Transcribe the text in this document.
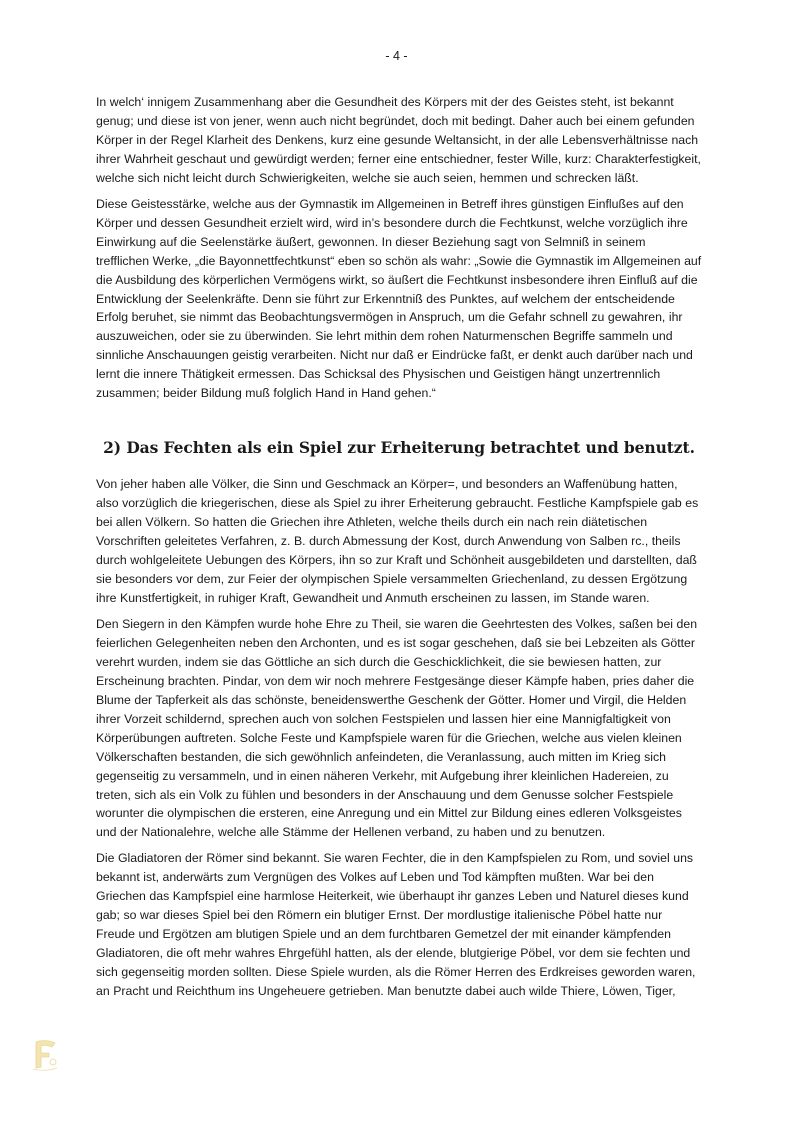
- 4 -

In welch‘ innigem Zusammenhang aber die Gesundheit des Körpers mit der des Geistes steht, ist bekannt genug; und diese ist von jener, wenn auch nicht begründet, doch mit bedingt. Daher auch bei einem gefunden Körper in der Regel Klarheit des Denkens, kurz eine gesunde Weltansicht, in der alle Lebensverhältnisse nach ihrer Wahrheit geschaut und gewürdigt werden; ferner eine entschiedner, fester Wille, kurz: Charakterfestigkeit, welche sich nicht leicht durch Schwierigkeiten, welche sie auch seien, hemmen und schrecken läßt.

Diese Geistesstärke, welche aus der Gymnastik im Allgemeinen in Betreff ihres günstigen Einflußes auf den Körper und dessen Gesundheit erzielt wird, wird in’s besondere durch die Fechtkunst, welche vorzüglich ihre Einwirkung auf die Seelenstärke äußert, gewonnen. In dieser Beziehung sagt von Selmniß in seinem trefflichen Werke, „die Bayonnettfechtkunst“ eben so schön als wahr: „Sowie die Gymnastik im Allgemeinen auf die Ausbildung des körperlichen Vermögens wirkt, so äußert die Fechtkunst insbesondere ihren Einfluß auf die Entwicklung der Seelenkräfte. Denn sie führt zur Erkenntniß des Punktes, auf welchem der entscheidende Erfolg beruhet, sie nimmt das Beobachtungsvermögen in Anspruch, um die Gefahr schnell zu gewahren, ihr auszuweichen, oder sie zu überwinden. Sie lehrt mithin dem rohen Naturmenschen Begriffe sammeln und sinnliche Anschauungen geistig verarbeiten. Nicht nur daß er Eindrücke faßt, er denkt auch darüber nach und lernt die innere Thätigkeit ermessen. Das Schicksal des Physischen und Geistigen hängt unzertrennlich zusammen; beider Bildung muß folglich Hand in Hand gehen.“

2) Das Fechten als ein Spiel zur Erheiterung betrachtet und benutzt.

Von jeher haben alle Völker, die Sinn und Geschmack an Körper=, und besonders an Waffenübung hatten, also vorzüglich die kriegerischen, diese als Spiel zu ihrer Erheiterung gebraucht. Festliche Kampfspiele gab es bei allen Völkern. So hatten die Griechen ihre Athleten, welche theils durch ein nach rein diätetischen Vorschriften geleitetes Verfahren, z. B. durch Abmessung der Kost, durch Anwendung von Salben rc., theils durch wohlgeleitete Uebungen des Körpers, ihn so zur Kraft und Schönheit ausgebildeten und darstellten, daß sie besonders vor dem, zur Feier der olympischen Spiele versammelten Griechenland, zu dessen Ergötzung ihre Kunstfertigkeit, in ruhiger Kraft, Gewandheit und Anmuth erscheinen zu lassen, im Stande waren.

Den Siegern in den Kämpfen wurde hohe Ehre zu Theil, sie waren die Geehrtesten des Volkes, saßen bei den feierlichen Gelegenheiten neben den Archonten, und es ist sogar geschehen, daß sie bei Lebzeiten als Götter verehrt wurden, indem sie das Göttliche an sich durch die Geschicklichkeit, die sie bewiesen hatten, zur Erscheinung brachten. Pindar, von dem wir noch mehrere Festgesänge dieser Kämpfe haben, pries daher die Blume der Tapferkeit als das schönste, beneidenswerthe Geschenk der Götter. Homer und Virgil, die Helden ihrer Vorzeit schildernd, sprechen auch von solchen Festspielen und lassen hier eine Mannigfaltigkeit von Körperübungen auftreten. Solche Feste und Kampfspiele waren für die Griechen, welche aus vielen kleinen Völkerschaften bestanden, die sich gewöhnlich anfeindeten, die Veranlassung, auch mitten im Krieg sich gegenseitig zu versammeln, und in einen näheren Verkehr, mit Aufgebung ihrer kleinlichen Hadereien, zu treten, sich als ein Volk zu fühlen und besonders in der Anschauung und dem Genusse solcher Festspiele worunter die olympischen die ersteren, eine Anregung und ein Mittel zur Bildung eines edleren Volksgeistes und der Nationalehre, welche alle Stämme der Hellenen verband, zu haben und zu benutzen.

Die Gladiatoren der Römer sind bekannt. Sie waren Fechter, die in den Kampfspielen zu Rom, und soviel uns bekannt ist, anderwärts zum Vergnügen des Volkes auf Leben und Tod kämpften mußten. War bei den Griechen das Kampfspiel eine harmlose Heiterkeit, wie überhaupt ihr ganzes Leben und Naturel dieses kund gab; so war dieses Spiel bei den Römern ein blutiger Ernst. Der mordlustige italienische Pöbel hatte nur Freude und Ergötzen am blutigen Spiele und an dem furchtbaren Gemetzel der mit einander kämpfenden Gladiatoren, die oft mehr wahres Ehrgefühl hatten, als der elende, blutgierige Pöbel, vor dem sie fechten und sich gegenseitig morden sollten. Diese Spiele wurden, als die Römer Herren des Erdkreises geworden waren, an Pracht und Reichthum ins Ungeheuere getrieben. Man benutzte dabei auch wilde Thiere, Löwen, Tiger,
